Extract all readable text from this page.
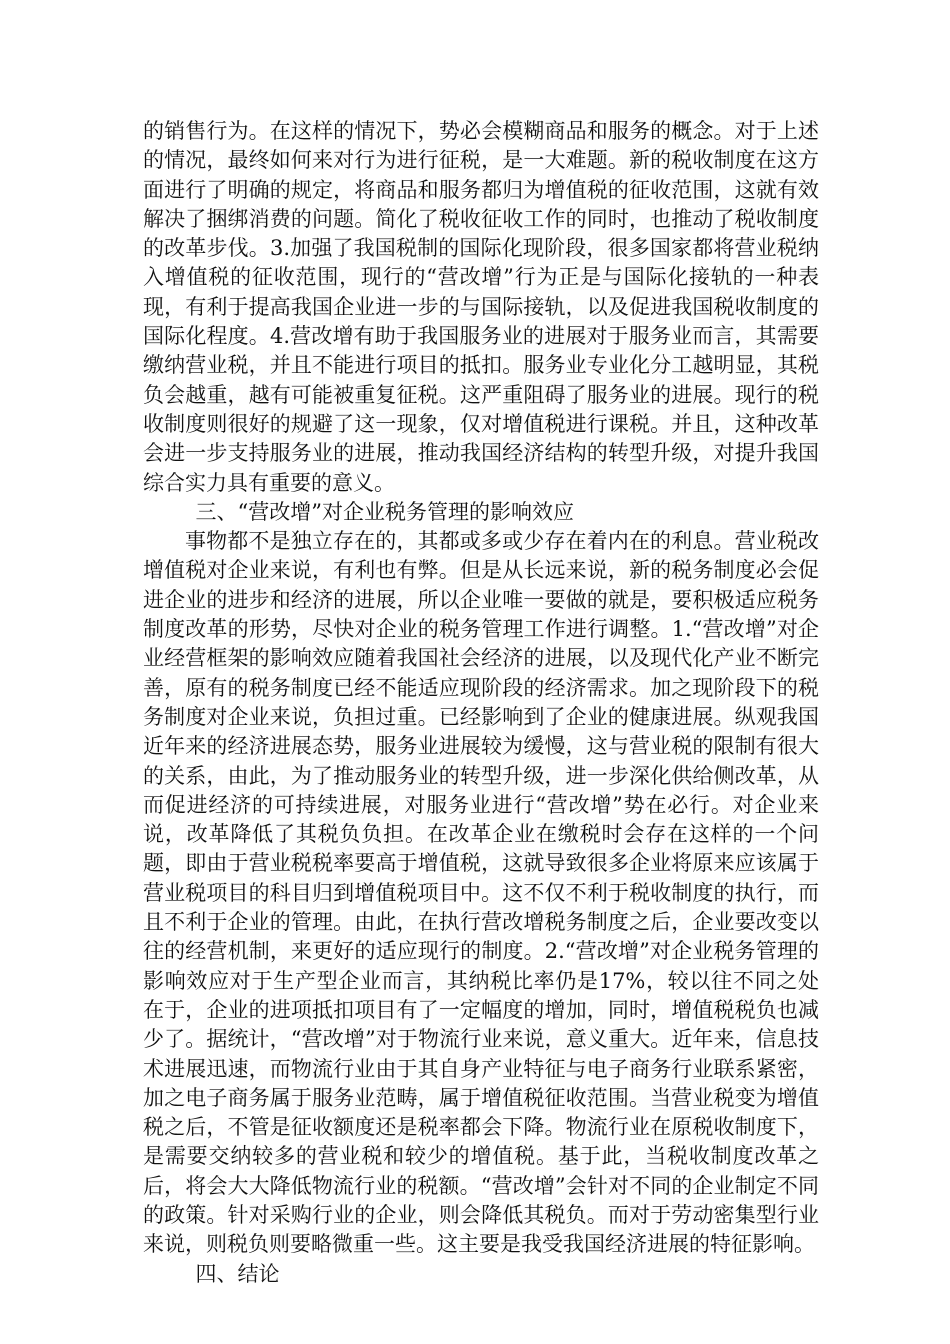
的销售行为。在这样的情况下，势必会模糊商品和服务的概念。对于上述的情况，最终如何来对行为进行征税，是一大难题。新的税收制度在这方面进行了明确的规定，将商品和服务都归为增值税的征收范围，这就有效解决了捆绑消费的问题。简化了税收征收工作的同时，也推动了税收制度的改革步伐。3.加强了我国税制的国际化现阶段，很多国家都将营业税纳入增值税的征收范围，现行的“营改增”行为正是与国际化接轨的一种表现，有利于提高我国企业进一步的与国际接轨，以及促进我国税收制度的国际化程度。4.营改增有助于我国服务业的进展对于服务业而言，其需要缴纳营业税，并且不能进行项目的抵扣。服务业专业化分工越明显，其税负会越重，越有可能被重复征税。这严重阻碍了服务业的进展。现行的税收制度则很好的规避了这一现象，仅对增值税进行课税。并且，这种改革会进一步支持服务业的进展，推动我国经济结构的转型升级，对提升我国综合实力具有重要的意义。

三、“营改增”对企业税务管理的影响效应

事物都不是独立存在的，其都或多或少存在着内在的利息。营业税改增值税对企业来说，有利也有弊。但是从长远来说，新的税务制度必会促进企业的进步和经济的进展，所以企业唯一要做的就是，要积极适应税务制度改革的形势，尽快对企业的税务管理工作进行调整。1.“营改增”对企业经营框架的影响效应随着我国社会经济的进展，以及现代化产业不断完善，原有的税务制度已经不能适应现阶段的经济需求。加之现阶段下的税务制度对企业来说，负担过重。已经影响到了企业的健康进展。纵观我国近年来的经济进展态势，服务业进展较为缓慢，这与营业税的限制有很大的关系，由此，为了推动服务业的转型升级，进一步深化供给侧改革，从而促进经济的可持续进展，对服务业进行“营改增”势在必行。对企业来说，改革降低了其税负负担。在改革企业在缴税时会存在这样的一个问题，即由于营业税税率要高于增值税，这就导致很多企业将原来应该属于营业税项目的科目归到增值税项目中。这不仅不利于税收制度的执行，而且不利于企业的管理。由此，在执行营改增税务制度之后，企业要改变以往的经营机制，来更好的适应现行的制度。2.“营改增”对企业税务管理的影响效应对于生产型企业而言，其纳税比率仍是17%，较以往不同之处在于，企业的进项抵扣项目有了一定幅度的增加，同时，增值税税负也减少了。据统计，“营改增”对于物流行业来说，意义重大。近年来，信息技术进展迅速，而物流行业由于其自身产业特征与电子商务行业联系紧密，加之电子商务属于服务业范畴，属于增值税征收范围。当营业税变为增值税之后，不管是征收额度还是税率都会下降。物流行业在原税收制度下，是需要交纳较多的营业税和较少的增值税。基于此，当税收制度改革之后，将会大大降低物流行业的税额。“营改增”会针对不同的企业制定不同的政策。针对采购行业的企业，则会降低其税负。而对于劳动密集型行业来说，则税负则要略微重一些。这主要是我受我国经济进展的特征影响。

四、结论
